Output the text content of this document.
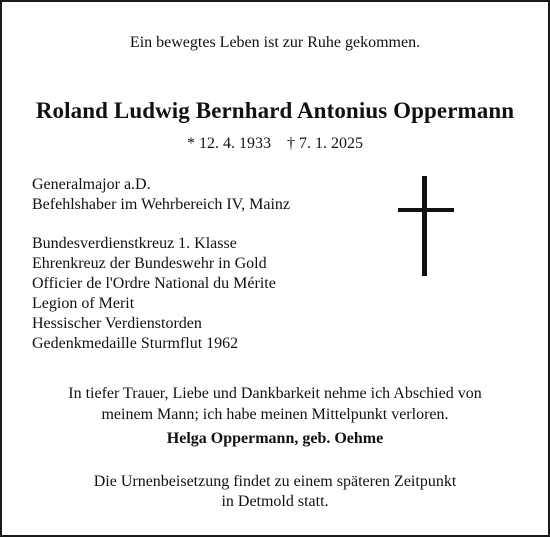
Ein bewegtes Leben ist zur Ruhe gekommen.
Roland Ludwig Bernhard Antonius Oppermann
* 12. 4. 1933 † 7. 1. 2025
Generalmajor a.D.
Befehlshaber im Wehrbereich IV, Mainz
Bundesverdienstkreuz 1. Klasse
Ehrenkreuz der Bundeswehr in Gold
Officier de l'Ordre National du Mérite
Legion of Merit
Hessischer Verdienstorden
Gedenkmedaille Sturmflut 1962
In tiefer Trauer, Liebe und Dankbarkeit nehme ich Abschied von
meinem Mann; ich habe meinen Mittelpunkt verloren.
Helga Oppermann, geb. Oehme
Die Urnenbeisetzung findet zu einem späteren Zeitpunkt
in Detmold statt.
